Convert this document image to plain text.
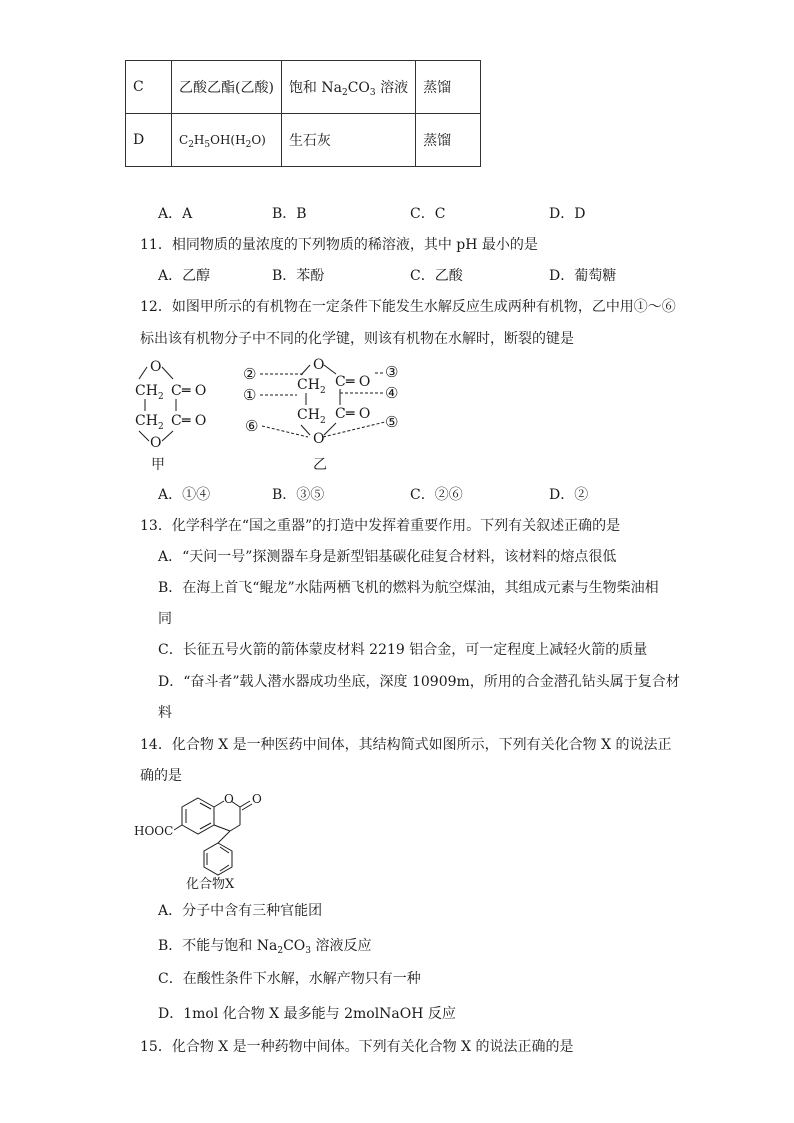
C	乙酸乙酯(乙酸)	饱和 $Na_2CO_3$ 溶液	蒸馏
D	$C_2H_5OH(H_2O)$	生石灰	蒸馏
A．A	B．B	C．C	D．D
11．相同物质的量浓度的下列物质的稀溶液，其中 pH 最小的是
A．乙醇	B．苯酚	C．乙酸	D．葡萄糖
12．如图甲所示的有机物在一定条件下能发生水解反应生成两种有机物，乙中用①～⑥
标出该有机物分子中不同的化学键，则该有机物在水解时，断裂的键是
O
CH 2
CH 2
O
C ═ O
C ═ O
甲
O
CH 2
CH 2
O
C ═ O
C ═ O
②
①
⑥
③
④
⑤
乙
A．①④	B．③⑤	C．②⑥	D．②
13．化学科学在“国之重器”的打造中发挥着重要作用。下列有关叙述正确的是
A．“天问一号”探测器车身是新型铝基碳化硅复合材料，该材料的熔点很低
B．在海上首飞“鲲龙”水陆两栖飞机的燃料为航空煤油，其组成元素与生物柴油相
同
C．长征五号火箭的箭体蒙皮材料 2219 铝合金，可一定程度上减轻火箭的质量
D．“奋斗者”载人潜水器成功坐底，深度 10909m，所用的合金潜孔钻头属于复合材
料
14．化合物 X 是一种医药中间体，其结构简式如图所示，下列有关化合物 X 的说法正
确的是
O O
HOOC
化合物X
A．分子中含有三种官能团
B．不能与饱和 $Na_2CO_3$ 溶液反应
C．在酸性条件下水解，水解产物只有一种
D．1mol 化合物 X 最多能与 2molNaOH 反应
15．化合物 X 是一种药物中间体。下列有关化合物 X 的说法正确的是
